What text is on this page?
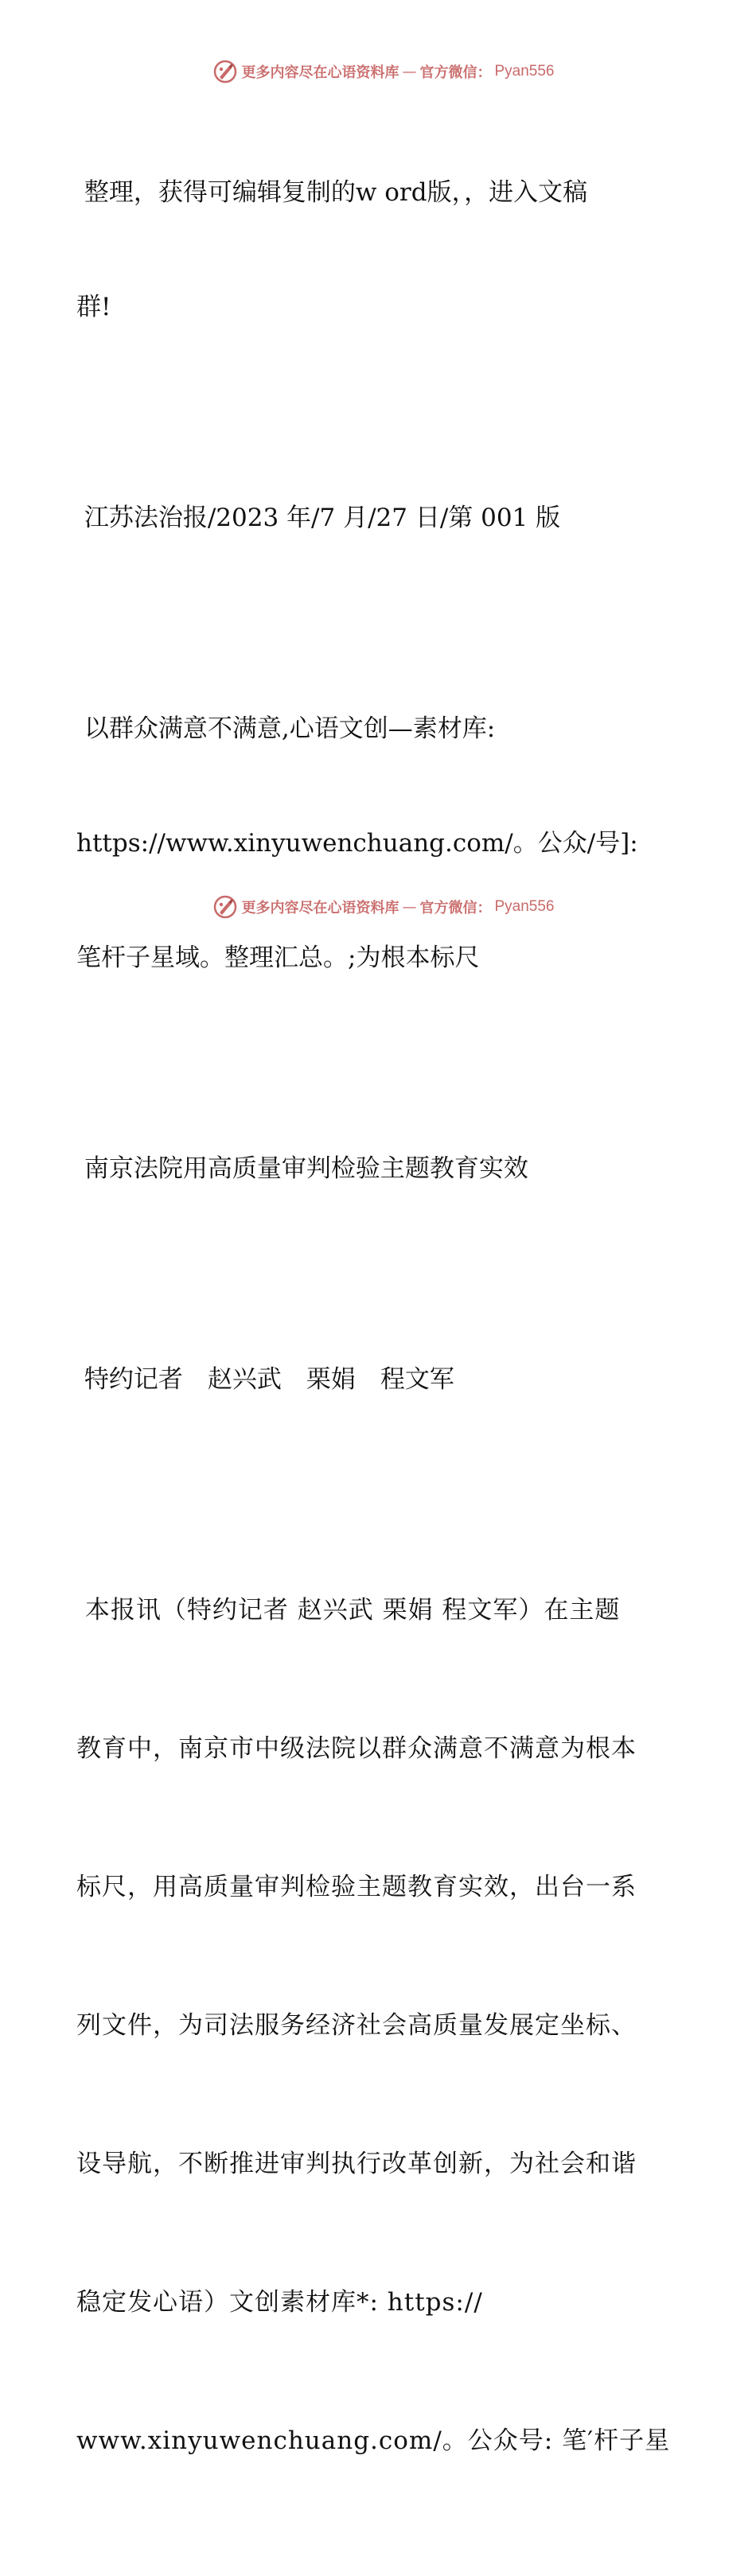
更多内容尽在心语资料库 — 官方微信： Pyan556

整理，获得可编辑复制的w ord版，，进入文稿

群!

江苏法治报/2023 年/7 月/27 日/第 001 版

以群众满意不满意,心语文创—素材库:

https://www.xinyuwenchuang.com/。公众/号]:

笔杆子星域。整理汇总。;为根本标尺

南京法院用高质量审判检验主题教育实效

特约记者　赵兴武　栗娟　程文军

本报讯（特约记者 赵兴武 栗娟 程文军）在主题

教育中，南京市中级法院以群众满意不满意为根本

标尺，用高质量审判检验主题教育实效，出台一系

列文件，为司法服务经济社会高质量发展定坐标、

设导航，不断推进审判执行改革创新，为社会和谐

稳定发心语）文创素材库*: https://

www.xinyuwenchuang.com/。公众号: 笔′杆子星

更多内容尽在心语资料库 — 官方微信： Pyan556
